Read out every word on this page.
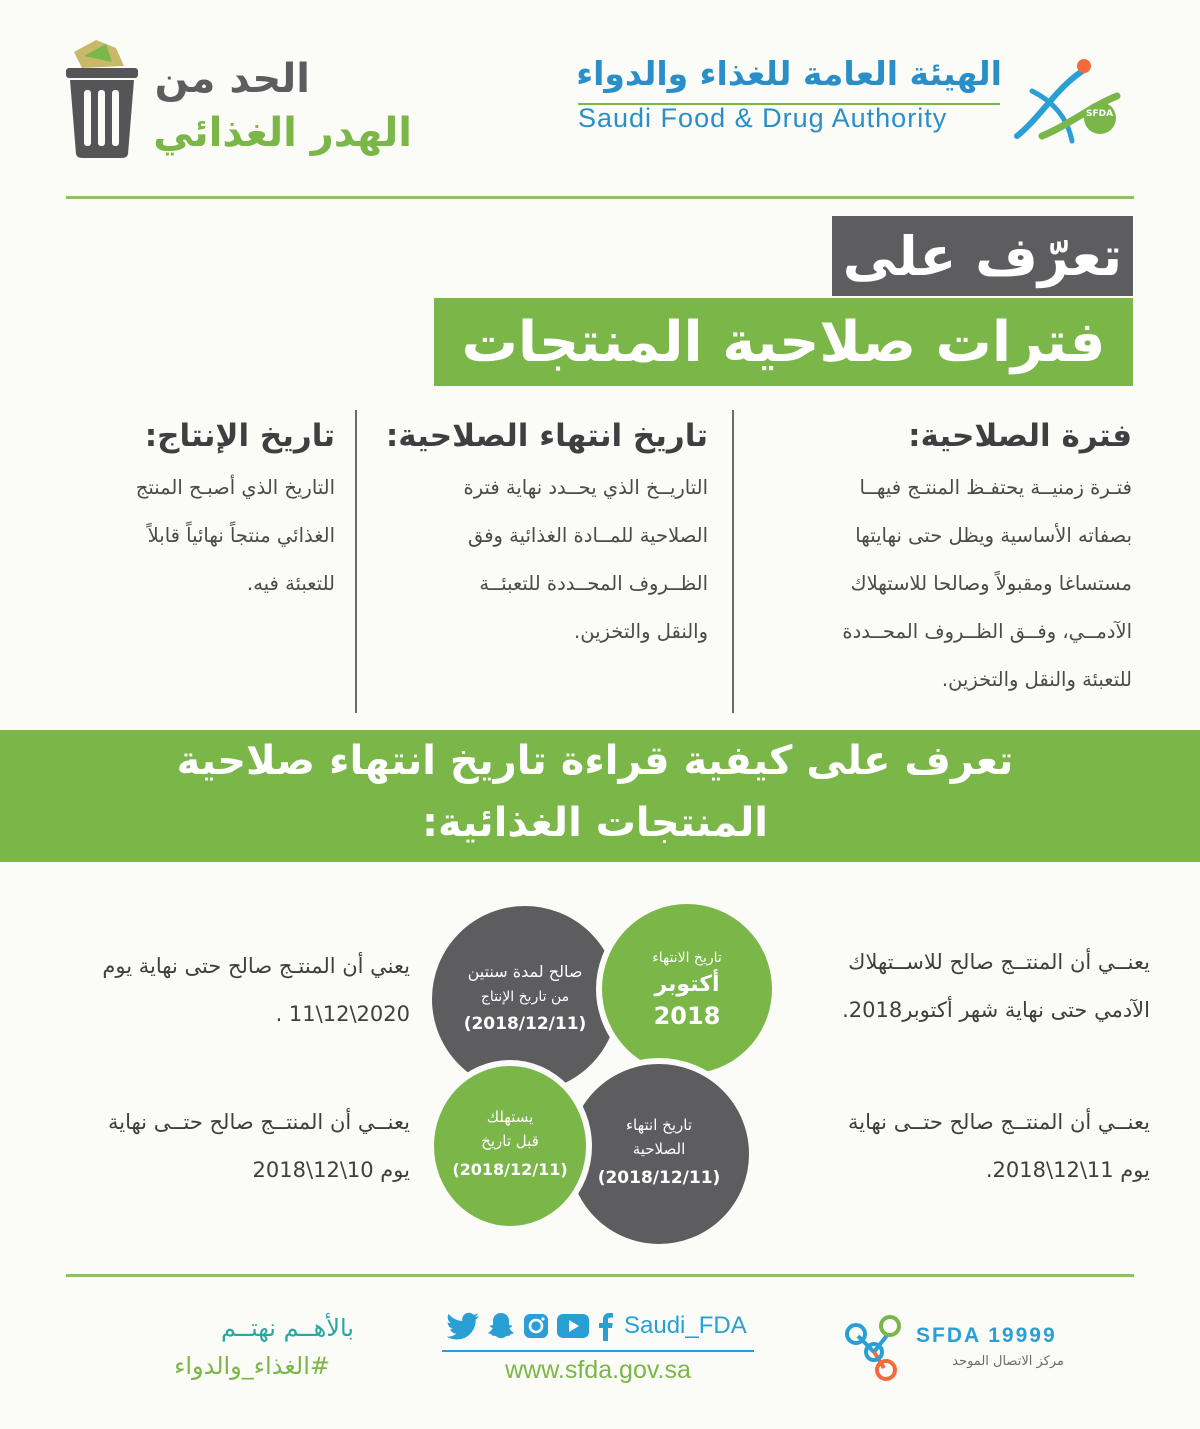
SFDA
الهيئة العامة للغذاء والدواء
Saudi Food & Drug Authority
الحد من
الهدر الغذائي
تعرّف على
فترات صلاحية المنتجات
فترة الصلاحية:
فتـرة زمنيــة يحتفـظ المنتـج فيهــا
بصفاته الأساسية ويظل حتى نهايتها
مستساغا ومقبولاً وصالحا للاستهلاك
الآدمــي، وفــق الظــروف المحــددة
للتعبئة والنقل والتخزين.
تاريخ انتهاء الصلاحية:
التاريــخ الذي يحــدد نهاية فترة
الصلاحية للمــادة الغذائية وفق
الظــروف المحــددة للتعبئــة
والنقل والتخزين.
تاريخ الإنتاج:
التاريخ الذي أصبـح المنتج
الغذائي منتجاً نهائياً قابلاً
للتعبئة فيه.
تعرف على كيفية قراءة تاريخ انتهاء صلاحية
المنتجات الغذائية:
صالح لمدة سنتين
من تاريخ الإنتاج
(2018/12/11)
تاريخ الانتهاء
أكتوبر
2018
يستهلك
قبل تاريخ
(2018/12/11)
تاريخ انتهاء
الصلاحية
(2018/12/11)
يعنــي أن المنتــج صالح للاســتهلاك
الآدمي حتى نهاية شهر أكتوبر2018.
يعني أن المنتـج صالح حتى نهاية يوم
2020\12\11 .
يعنــي أن المنتــج صالح حتــى نهاية
يوم 11\12\2018.
يعنــي أن المنتــج صالح حتــى نهاية
يوم 10\12\2018
SFDA 19999
مركز الاتصال الموحد
Saudi_FDA
www.sfda.gov.sa
بالأهــم نهتــم
#الغذاء_والدواء
